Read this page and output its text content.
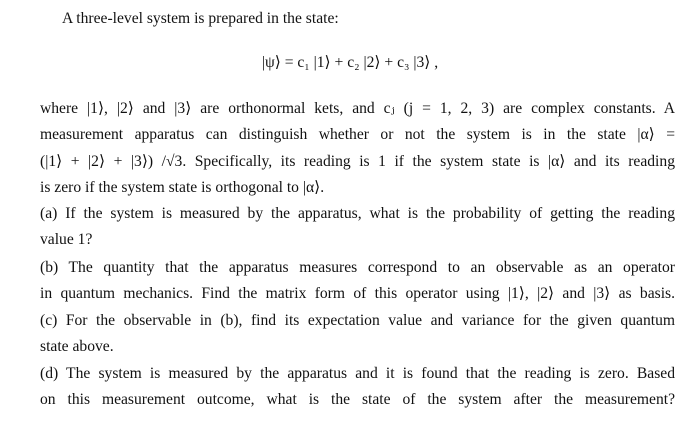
A three-level system is prepared in the state:
|ψ⟩ = c₁ |1⟩ + c₂ |2⟩ + c₃ |3⟩ ,
where |1⟩, |2⟩ and |3⟩ are orthonormal kets, and cⱼ (j = 1, 2, 3) are complex constants. A
measurement apparatus can distinguish whether or not the system is in the state |α⟩ =
(|1⟩ + |2⟩ + |3⟩) /√3. Specifically, its reading is 1 if the system state is |α⟩ and its reading
is zero if the system state is orthogonal to |α⟩.
(a) If the system is measured by the apparatus, what is the probability of getting the reading
value 1?
(b) The quantity that the apparatus measures correspond to an observable as an operator
in quantum mechanics. Find the matrix form of this operator using |1⟩, |2⟩ and |3⟩ as basis.
(c) For the observable in (b), find its expectation value and variance for the given quantum
state above.
(d) The system is measured by the apparatus and it is found that the reading is zero. Based
on this measurement outcome, what is the state of the system after the measurement?
